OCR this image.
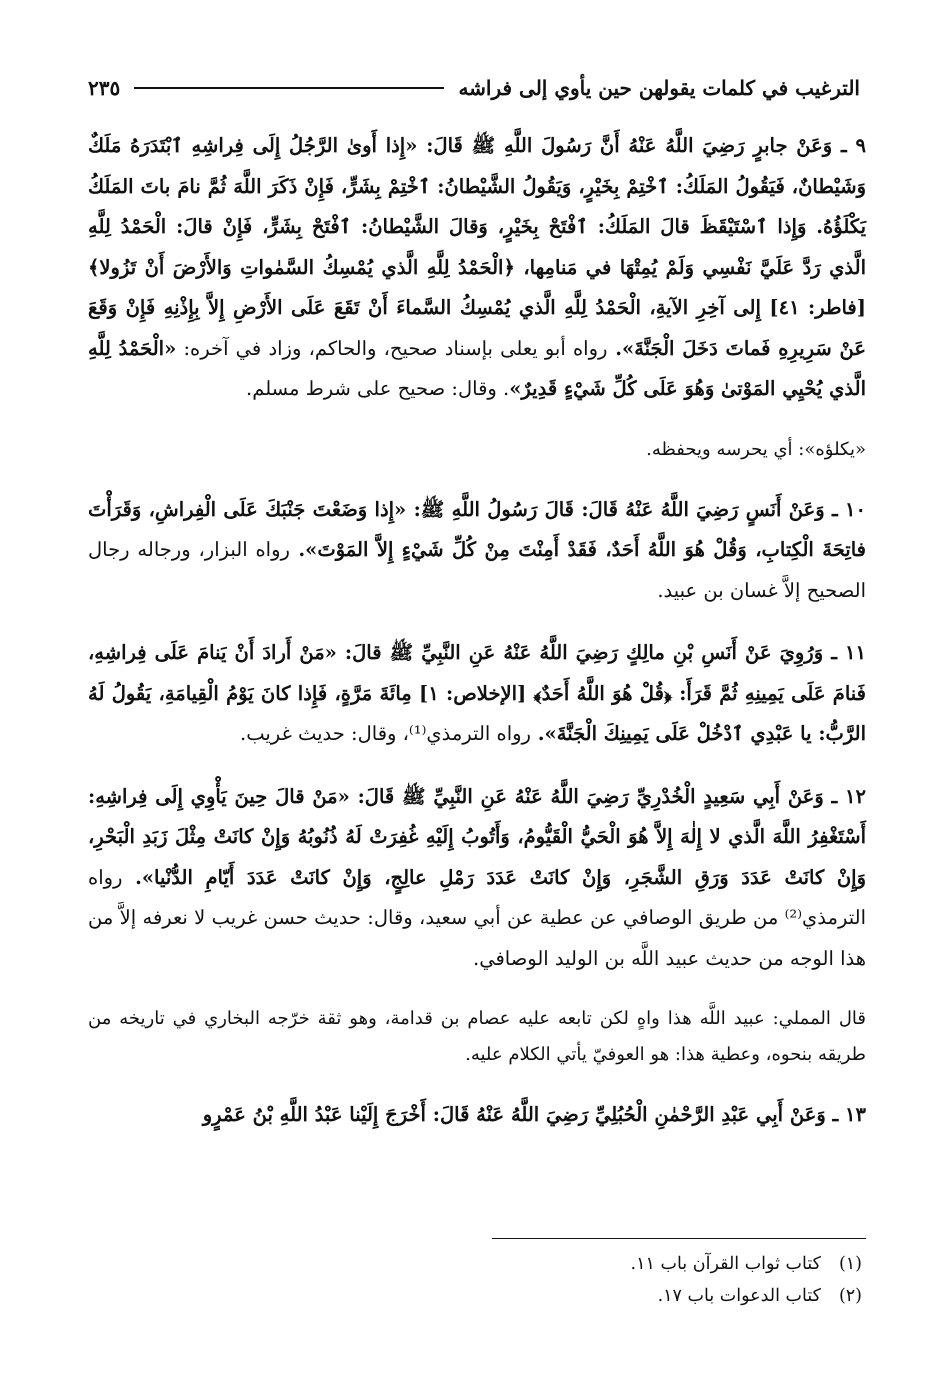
٢٣٥	الترغيب في كلمات يقولهن حين يأوي إلى فراشه

٩ ـ وَعَنْ جابرٍ رَضِيَ اللَّهُ عَنْهُ أَنَّ رَسُولَ اللَّهِ ﷺ قَالَ: «إِذا أَوىٰ الرَّجُلُ إِلَى فِراشِهِ ٱبْتَدَرَهُ مَلَكٌ وَشَيْطانٌ، فَيَقُولُ المَلَكُ: ٱخْتِمْ بِخَيْرٍ، وَيَقُولُ الشَّيْطانُ: ٱخْتِمْ بِشَرٍّ، فَإِنْ ذَكَرَ اللَّهَ ثُمَّ نامَ باتَ المَلَكُ يَكْلَؤُهُ. وَإِذا ٱسْتَيْقَظَ قالَ المَلَكُ: ٱفْتَحْ بِخَيْرٍ، وَقالَ الشَّيْطانُ: ٱفْتَحْ بِشَرٍّ، فَإِنْ قالَ: الْحَمْدُ لِلَّهِ الَّذي رَدَّ عَلَيَّ نَفْسِي وَلَمْ يُمِتْهَا في مَنامِها، ﴿الْحَمْدُ لِلَّهِ الَّذي يُمْسِكُ السَّمٰواتِ وَالأَرْضَ أَنْ تَزُولا﴾ [فاطر: ٤١] إِلى آخِرِ الآيةِ، الْحَمْدُ لِلَّهِ الَّذي يُمْسِكُ السَّماءَ أَنْ تَقَعَ عَلَى الأَرْضِ إِلاَّ بِإِذْنِهِ فَإِنْ وَقَعَ عَنْ سَرِيرِهِ فَماتَ دَخَلَ الْجَنَّةَ». رواه أبو يعلى بإسناد صحيح، والحاكم، وزاد في آخره: «الْحَمْدُ لِلَّهِ الَّذي يُحْيِي المَوْتىٰ وَهُوَ عَلَى كُلِّ شَيْءٍ قَدِيرٌ». وقال: صحيح على شرط مسلم.

«يكلؤه»: أي يحرسه ويحفظه.

١٠ ـ وَعَنْ أَنَسٍ رَضِيَ اللَّهُ عَنْهُ قَالَ: قَالَ رَسُولُ اللَّهِ ﷺ: «إِذا وَضَعْتَ جَنْبَكَ عَلَى الْفِراشِ، وَقَرَأْتَ فاتِحَةَ الْكِتابِ، وَقُلْ هُوَ اللَّهُ أَحَدٌ، فَقَدْ أَمِنْتَ مِنْ كُلِّ شَيْءٍ إِلاَّ المَوْتَ». رواه البزار، ورجاله رجال الصحيح إلاَّ غسان بن عبيد.

١١ ـ وَرُوِيَ عَنْ أَنَسِ بْنِ مالِكٍ رَضِيَ اللَّهُ عَنْهُ عَنِ النَّبِيِّ ﷺ قالَ: «مَنْ أَرادَ أَنْ يَنامَ عَلَى فِراشِهِ، فَنامَ عَلَى يَمِينِهِ ثُمَّ قَرَأَ: ﴿قُلْ هُوَ اللَّهُ أَحَدٌ﴾ [الإخلاص: ١] مِائَةَ مَرَّةٍ، فَإِذا كانَ يَوْمُ الْقِيامَةِ، يَقُولُ لَهُ الرَّبُّ: يا عَبْدِي ٱدْخُلْ عَلَى يَمِينِكَ الْجَنَّةَ». رواه الترمذي⁽¹⁾، وقال: حديث غريب.

١٢ ـ وَعَنْ أَبِي سَعِيدٍ الْخُدْرِيِّ رَضِيَ اللَّهُ عَنْهُ عَنِ النَّبِيِّ ﷺ قَالَ: «مَنْ قالَ حِينَ يَأْوِي إِلَى فِراشِهِ: أَسْتَغْفِرُ اللَّهَ الَّذي لا إِلٰهَ إِلاَّ هُوَ الْحَيُّ الْقَيُّومُ، وَأَتُوبُ إِلَيْهِ غُفِرَتْ لَهُ ذُنُوبُهُ وَإِنْ كانَتْ مِثْلَ زَبَدِ الْبَحْرِ، وَإِنْ كانَتْ عَدَدَ وَرَقِ الشَّجَرِ، وَإِنْ كانَتْ عَدَدَ رَمْلِ عالِجٍ، وَإِنْ كانَتْ عَدَدَ أَيّامِ الدُّنْيا». رواه الترمذي⁽²⁾ من طريق الوصافي عن عطية عن أبي سعيد، وقال: حديث حسن غريب لا نعرفه إلاَّ من هذا الوجه من حديث عبيد اللَّه بن الوليد الوصافي.

قال المملي: عبيد اللَّه هذا واهٍ لكن تابعه عليه عصام بن قدامة، وهو ثقة خرّجه البخاري في تاريخه من طريقه بنحوه، وعطية هذا: هو العوفيّ يأتي الكلام عليه.

١٣ ـ وَعَنْ أَبِي عَبْدِ الرَّحْمٰنِ الْحُبُلِيِّ رَضِيَ اللَّهُ عَنْهُ قَالَ: أَخْرَجَ إِلَيْنا عَبْدُ اللَّهِ بْنُ عَمْرٍو

(١)
كتاب ثواب القرآن باب ١١.
(٢)
كتاب الدعوات باب ١٧.
